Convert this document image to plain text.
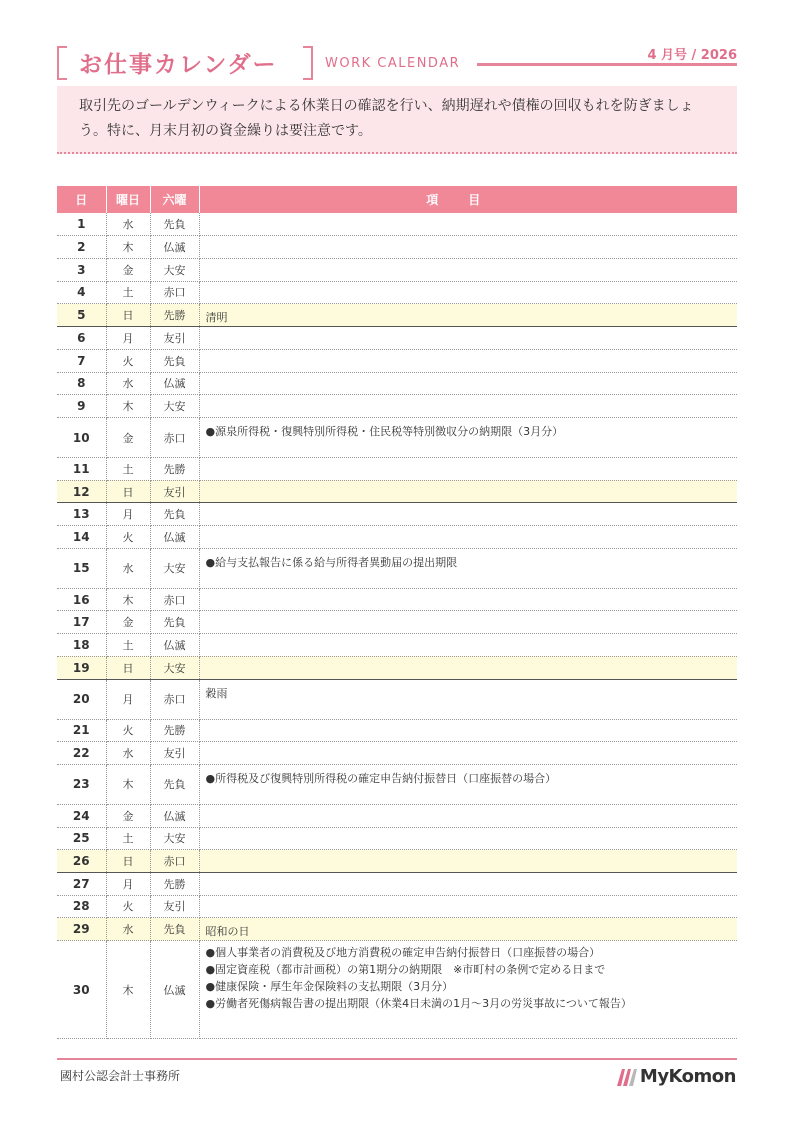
お仕事カレンダー	WORK CALENDAR
4 月号 / 2026
取引先のゴールデンウィークによる休業日の確認を行い、納期遅れや債権の回収もれを防ぎましょう。特に、月末月初の資金繰りは要注意です。
日	曜日	六曜	項目
1	水	先負	
2	木	仏滅	
3	金	大安	
4	土	赤口	
5	日	先勝	清明

6	月	友引	
7	火	先負	
8	水	仏滅	
9	木	大安	
10	金	赤口	●源泉所得税・復興特別所得税・住民税等特別徴収分の納期限（3月分）

11	土	先勝	
12	日	友引	
13	月	先負	
14	火	仏滅	
15	水	大安	●給与支払報告に係る給与所得者異動届の提出期限

16	木	赤口	
17	金	先負	
18	土	仏滅	
19	日	大安	
20	月	赤口	穀雨

21	火	先勝	
22	水	友引	
23	木	先負	●所得税及び復興特別所得税の確定申告納付振替日（口座振替の場合）

24	金	仏滅	
25	土	大安	
26	日	赤口	
27	月	先勝	
28	火	友引	
29	水	先負	昭和の日

30	木	仏滅	●個人事業者の消費税及び地方消費税の確定申告納付振替日（口座振替の場合）
●固定資産税（都市計画税）の第1期分の納期限　※市町村の条例で定める日まで
●健康保険・厚生年金保険料の支払期限（3月分）
●労働者死傷病報告書の提出期限（休業4日未満の1月～3月の労災事故について報告）
國村公認会計士事務所	MyKomon
